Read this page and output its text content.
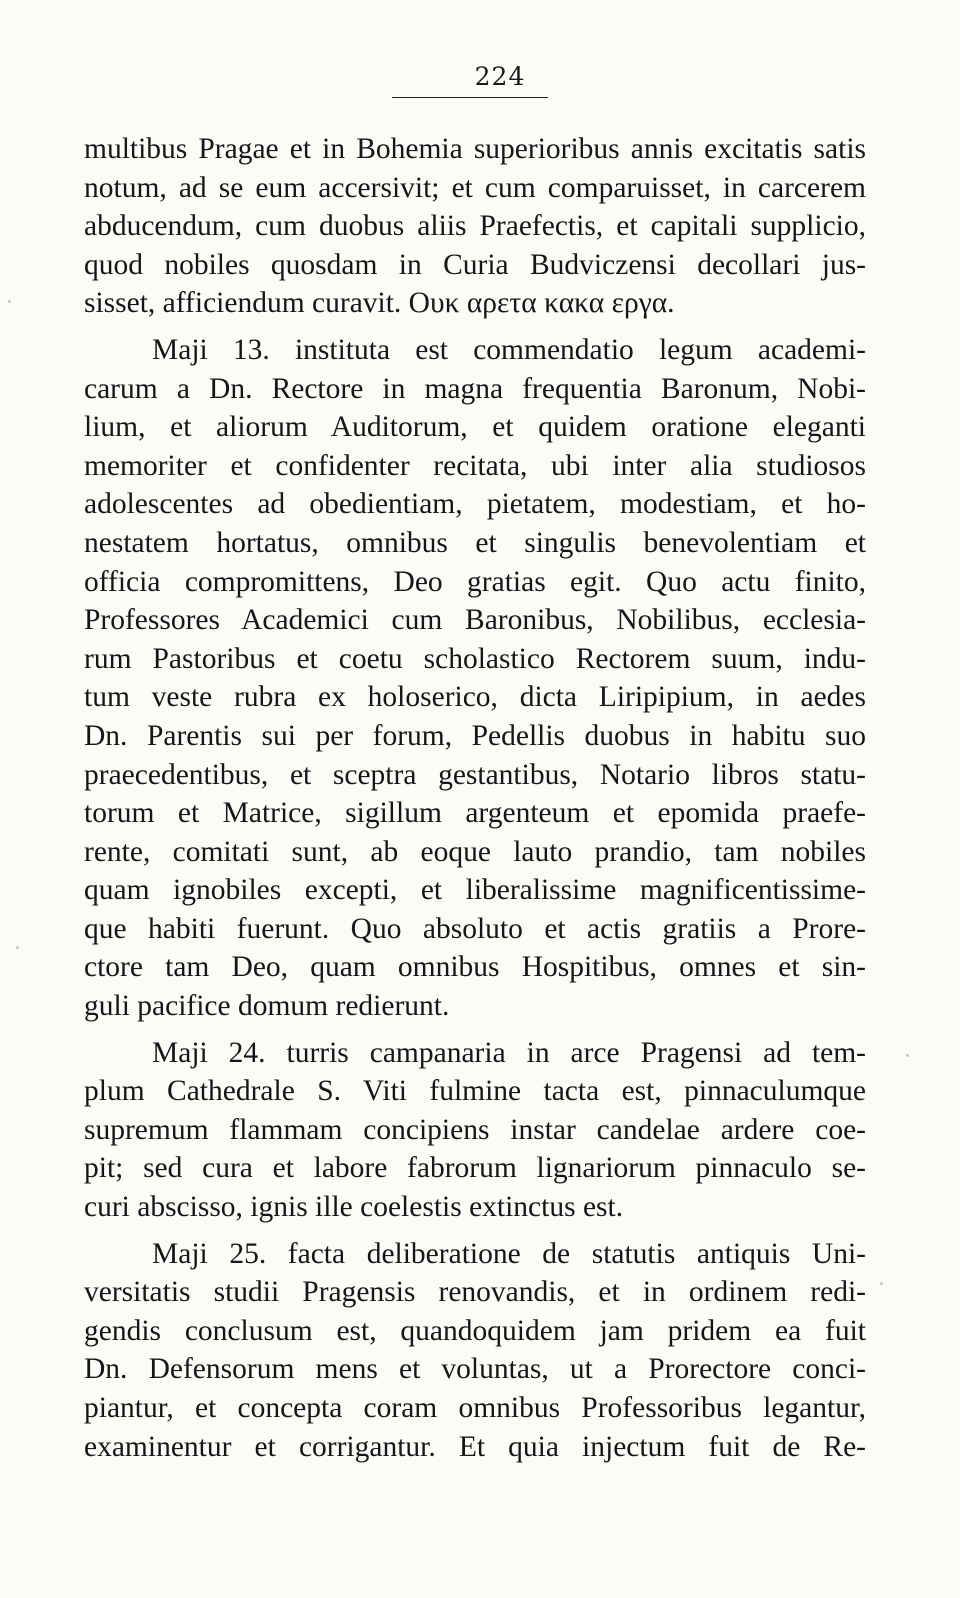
224
multibus Pragae et in Bohemia superioribus annis excitatis satis
notum, ad se eum accersivit; et cum comparuisset, in carcerem
abducendum, cum duobus aliis Praefectis, et capitali supplicio,
quod nobiles quosdam in Curia Budviczensi decollari jus-
sisset, afficiendum curavit. Ουκ αρετα κακα εργα.
Maji 13. instituta est commendatio legum academi-
carum a Dn. Rectore in magna frequentia Baronum, Nobi-
lium, et aliorum Auditorum, et quidem oratione eleganti
memoriter et confidenter recitata, ubi inter alia studiosos
adolescentes ad obedientiam, pietatem, modestiam, et ho-
nestatem hortatus, omnibus et singulis benevolentiam et
officia compromittens, Deo gratias egit. Quo actu finito,
Professores Academici cum Baronibus, Nobilibus, ecclesia-
rum Pastoribus et coetu scholastico Rectorem suum, indu-
tum veste rubra ex holoserico, dicta Liripipium, in aedes
Dn. Parentis sui per forum, Pedellis duobus in habitu suo
praecedentibus, et sceptra gestantibus, Notario libros statu-
torum et Matrice, sigillum argenteum et epomida praefe-
rente, comitati sunt, ab eoque lauto prandio, tam nobiles
quam ignobiles excepti, et liberalissime magnificentissime-
que habiti fuerunt. Quo absoluto et actis gratiis a Prore-
ctore tam Deo, quam omnibus Hospitibus, omnes et sin-
guli pacifice domum redierunt.
Maji 24. turris campanaria in arce Pragensi ad tem-
plum Cathedrale S. Viti fulmine tacta est, pinnaculumque
supremum flammam concipiens instar candelae ardere coe-
pit; sed cura et labore fabrorum lignariorum pinnaculo se-
curi abscisso, ignis ille coelestis extinctus est.
Maji 25. facta deliberatione de statutis antiquis Uni-
versitatis studii Pragensis renovandis, et in ordinem redi-
gendis conclusum est, quandoquidem jam pridem ea fuit
Dn. Defensorum mens et voluntas, ut a Prorectore conci-
piantur, et concepta coram omnibus Professoribus legantur,
examinentur et corrigantur. Et quia injectum fuit de Re-
